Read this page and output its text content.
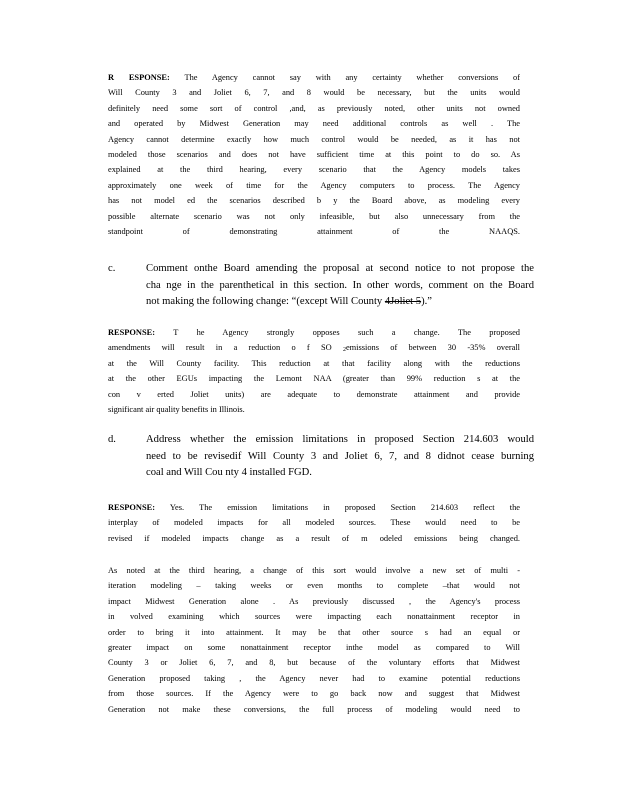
R ESPONSE: The Agency cannot say with any certainty whether conversions of
Will County 3 and Joliet 6, 7, and 8 would be necessary, but the units would
definitely need some sort of control ,and, as previously noted, other units not owned
and operated by Midwest Generation may need additional controls as well . The
Agency cannot determine exactly how much control would be needed, as it has not
modeled those scenarios and does not have sufficient time at this point to do so. As
explained at the third hearing, every scenario that the Agency models takes
approximately one week of time for the Agency computers to process. The Agency
has not model ed the scenarios described b y the Board above, as modeling every
possible alternate scenario was not only infeasible, but also unnecessary from the
standpoint of demonstrating attainment of the NAAQS.
c.	Comment onthe Board amending the proposal at second notice to not propose the
cha nge in the parenthetical in this section. In other words, comment on the Board
not making the following change: “(except Will County 4Joliet 5).”
RESPONSE: T he Agency strongly opposes such a change. The proposed
amendments will result in a reduction o f SO 2emissions of between 30 -35% overall
at the Will County facility. This reduction at that facility along with the reductions
at the other EGUs impacting the Lemont NAA (greater than 99% reduction s at the
con v erted Joliet units) are adequate to demonstrate attainment and provide
significant air quality benefits in Illinois.
d.	Address whether the emission limitations in proposed Section 214.603 would
need to be revisedif Will County 3 and Joliet 6, 7, and 8 didnot cease burning
coal and Will Cou nty 4 installed FGD.
RESPONSE: Yes. The emission limitations in proposed Section 214.603 reflect the
interplay of modeled impacts for all modeled sources. These would need to be
revised if modeled impacts change as a result of m odeled emissions being changed.
As noted at the third hearing, a change of this sort would involve a new set of multi -
iteration modeling – taking weeks or even months to complete –that would not
impact Midwest Generation alone . As previously discussed , the Agency's process
in volved examining which sources were impacting each nonattainment receptor in
order to bring it into attainment. It may be that other source s had an equal or
greater impact on some nonattainment receptor inthe model as compared to Will
County 3 or Joliet 6, 7, and 8, but because of the voluntary efforts that Midwest
Generation proposed taking , the Agency never had to examine potential reductions
from those sources. If the Agency were to go back now and suggest that Midwest
Generation not make these conversions, the full process of modeling would need to
